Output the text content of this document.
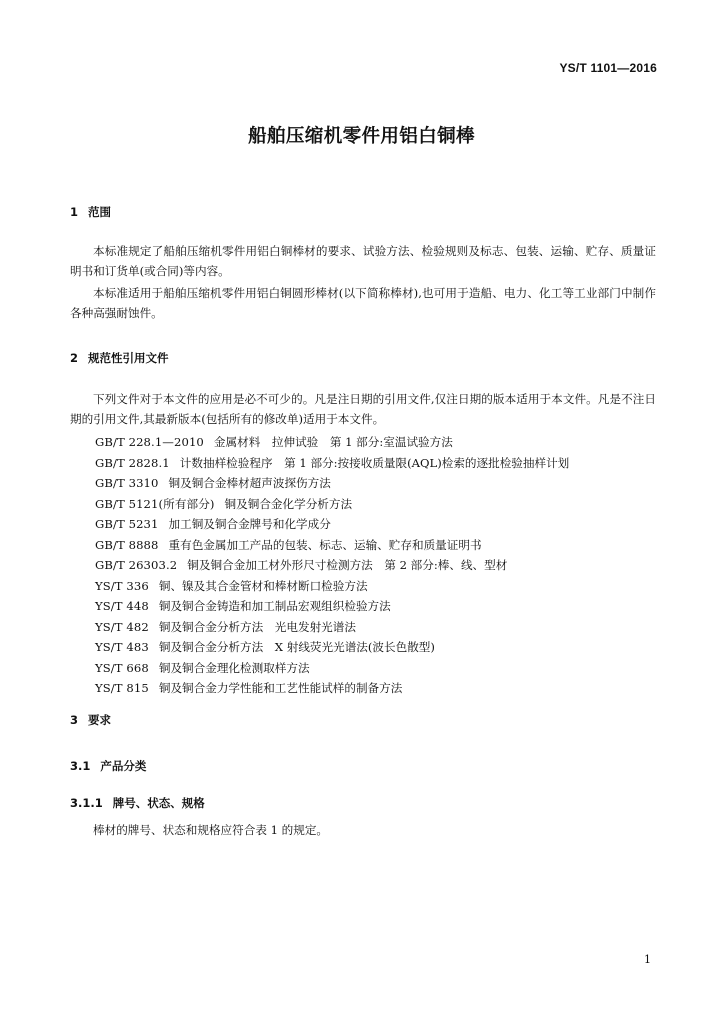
YS/T 1101—2016
船舶压缩机零件用铝白铜棒
1 范围

本标准规定了船舶压缩机零件用铝白铜棒材的要求、试验方法、检验规则及标志、包装、运输、贮存、质量证明书和订货单(或合同)等内容。

本标准适用于船舶压缩机零件用铝白铜圆形棒材(以下简称棒材),也可用于造船、电力、化工等工业部门中制作各种高强耐蚀件。

2 规范性引用文件

下列文件对于本文件的应用是必不可少的。凡是注日期的引用文件,仅注日期的版本适用于本文件。凡是不注日期的引用文件,其最新版本(包括所有的修改单)适用于本文件。

GB/T 228.1—2010 金属材料　拉伸试验　第 1 部分:室温试验方法
GB/T 2828.1 计数抽样检验程序　第 1 部分:按接收质量限(AQL)检索的逐批检验抽样计划
GB/T 3310 铜及铜合金棒材超声波探伤方法
GB/T 5121(所有部分) 铜及铜合金化学分析方法
GB/T 5231 加工铜及铜合金牌号和化学成分
GB/T 8888 重有色金属加工产品的包装、标志、运输、贮存和质量证明书
GB/T 26303.2 铜及铜合金加工材外形尺寸检测方法　第 2 部分:棒、线、型材
YS/T 336 铜、镍及其合金管材和棒材断口检验方法
YS/T 448 铜及铜合金铸造和加工制品宏观组织检验方法
YS/T 482 铜及铜合金分析方法　光电发射光谱法
YS/T 483 铜及铜合金分析方法　X 射线荧光光谱法(波长色散型)
YS/T 668 铜及铜合金理化检测取样方法
YS/T 815 铜及铜合金力学性能和工艺性能试样的制备方法
3 要求
3.1 产品分类
3.1.1 牌号、状态、规格

棒材的牌号、状态和规格应符合表 1 的规定。

1
